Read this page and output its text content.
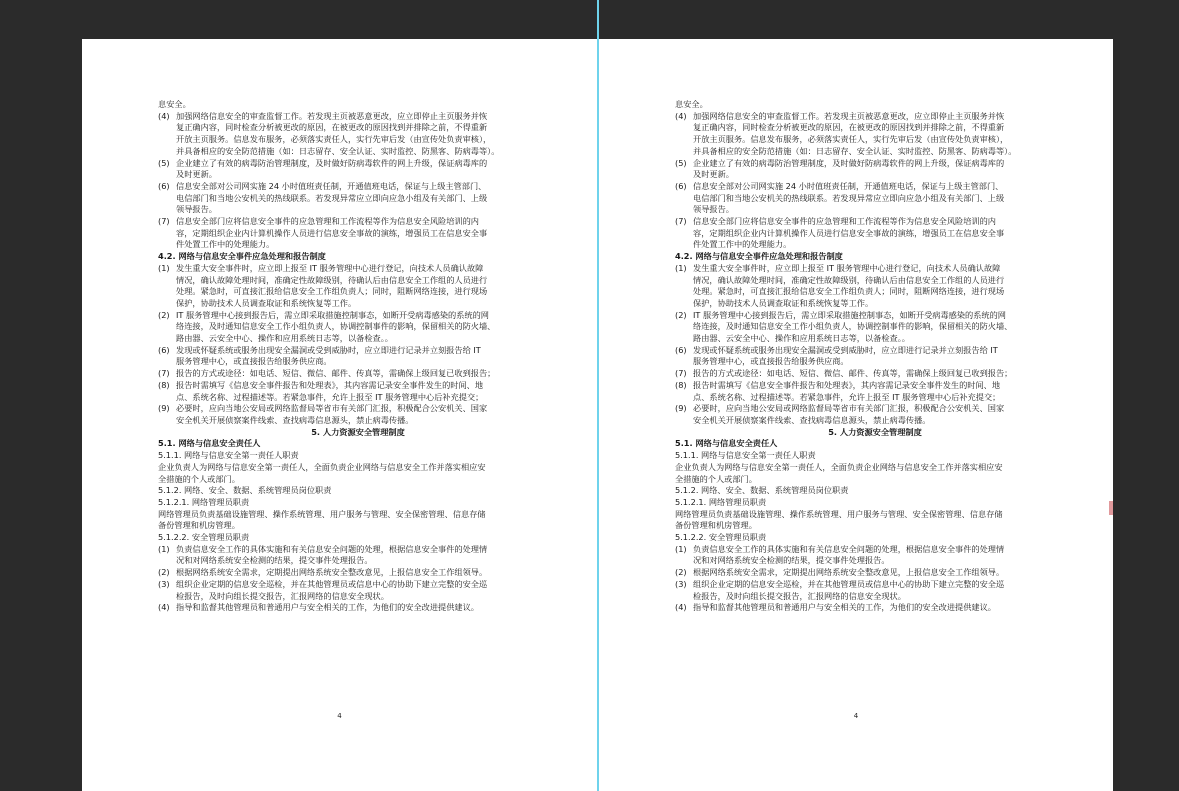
息安全。
(4) 加强网络信息安全的审查监督工作。若发现主页被恶意更改，应立即停止主页服务并恢
复正确内容，同时检查分析被更改的原因，在被更改的原因找到并排除之前，不得重新
开放主页服务。信息发布服务，必须落实责任人，实行先审后发（由宣传处负责审核），
并具备相应的安全防范措施（如：日志留存、安全认证、实时监控、防黑客、防病毒等）。
(5) 企业建立了有效的病毒防治管理制度，及时做好防病毒软件的网上升级，保证病毒库的
及时更新。
(6) 信息安全部对公司网实施 24 小时值班责任制，开通值班电话，保证与上级主管部门、
电信部门和当地公安机关的热线联系。若发现异常应立即向应急小组及有关部门、上级
领导报告。
(7) 信息安全部门应将信息安全事件的应急管理和工作流程等作为信息安全风险培训的内
容，定期组织企业内计算机操作人员进行信息安全事故的演练，增强员工在信息安全事
件处置工作中的处理能力。
4.2. 网络与信息安全事件应急处理和报告制度
(1) 发生重大安全事件时，应立即上报至 IT 服务管理中心进行登记，向技术人员确认故障
情况，确认故障处理时间，准确定性故障级别，待确认后由信息安全工作组的人员进行
处理。紧急时，可直接汇报给信息安全工作组负责人；同时，阻断网络连接，进行现场
保护，协助技术人员调查取证和系统恢复等工作。
(2) IT 服务管理中心接到报告后，需立即采取措施控制事态，如断开受病毒感染的系统的网
络连接，及时通知信息安全工作小组负责人，协调控制事件的影响，保留相关的防火墙、
路由器、云安全中心、操作和应用系统日志等，以备检查。。
(6) 发现或怀疑系统或服务出现安全漏洞或受到威胁时，应立即进行记录并立刻报告给 IT
服务管理中心，或直接报告给服务供应商。
(7) 报告的方式或途径：如电话、短信、微信、邮件、传真等，需确保上级回复已收到报告；
(8) 报告时需填写《信息安全事件报告和处理表》，其内容需记录安全事件发生的时间、地
点、系统名称、过程描述等。若紧急事件，允许上报至 IT 服务管理中心后补充提交；
(9) 必要时，应向当地公安局或网络监督局等省市有关部门汇报，积极配合公安机关、国家
安全机关开展侦察案件线索、查找病毒信息源头，禁止病毒传播。
5. 人力资源安全管理制度
5.1. 网络与信息安全责任人
5.1.1. 网络与信息安全第一责任人职责
企业负责人为网络与信息安全第一责任人，全面负责企业网络与信息安全工作并落实相应安
全措施的个人或部门。
5.1.2. 网络、安全、数据、系统管理员岗位职责
5.1.2.1. 网络管理员职责
网络管理员负责基础设施管理、操作系统管理、用户服务与管理、安全保密管理、信息存储
备份管理和机房管理。
5.1.2.2. 安全管理员职责
(1) 负责信息安全工作的具体实施和有关信息安全问题的处理，根据信息安全事件的处理情
况和对网络系统安全检测的结果，提交事件处理报告。
(2) 根据网络系统安全需求，定期提出网络系统安全整改意见，上报信息安全工作组领导。
(3) 组织企业定期的信息安全巡检，并在其他管理员或信息中心的协助下建立完整的安全巡
检报告，及时向组长提交报告，汇报网络的信息安全现状。
(4) 指导和监督其他管理员和普通用户与安全相关的工作，为他们的安全改进提供建议。
4
息安全。
(4) 加强网络信息安全的审查监督工作。若发现主页被恶意更改，应立即停止主页服务并恢
复正确内容，同时检查分析被更改的原因，在被更改的原因找到并排除之前，不得重新
开放主页服务。信息发布服务，必须落实责任人，实行先审后发（由宣传处负责审核），
并具备相应的安全防范措施（如：日志留存、安全认证、实时监控、防黑客、防病毒等）。
(5) 企业建立了有效的病毒防治管理制度，及时做好防病毒软件的网上升级，保证病毒库的
及时更新。
(6) 信息安全部对公司网实施 24 小时值班责任制，开通值班电话，保证与上级主管部门、
电信部门和当地公安机关的热线联系。若发现异常应立即向应急小组及有关部门、上级
领导报告。
(7) 信息安全部门应将信息安全事件的应急管理和工作流程等作为信息安全风险培训的内
容，定期组织企业内计算机操作人员进行信息安全事故的演练，增强员工在信息安全事
件处置工作中的处理能力。
4.2. 网络与信息安全事件应急处理和报告制度
(1) 发生重大安全事件时，应立即上报至 IT 服务管理中心进行登记，向技术人员确认故障
情况，确认故障处理时间，准确定性故障级别，待确认后由信息安全工作组的人员进行
处理。紧急时，可直接汇报给信息安全工作组负责人；同时，阻断网络连接，进行现场
保护，协助技术人员调查取证和系统恢复等工作。
(2) IT 服务管理中心接到报告后，需立即采取措施控制事态，如断开受病毒感染的系统的网
络连接，及时通知信息安全工作小组负责人，协调控制事件的影响，保留相关的防火墙、
路由器、云安全中心、操作和应用系统日志等，以备检查。。
(6) 发现或怀疑系统或服务出现安全漏洞或受到威胁时，应立即进行记录并立刻报告给 IT
服务管理中心，或直接报告给服务供应商。
(7) 报告的方式或途径：如电话、短信、微信、邮件、传真等，需确保上级回复已收到报告；
(8) 报告时需填写《信息安全事件报告和处理表》，其内容需记录安全事件发生的时间、地
点、系统名称、过程描述等。若紧急事件，允许上报至 IT 服务管理中心后补充提交；
(9) 必要时，应向当地公安局或网络监督局等省市有关部门汇报，积极配合公安机关、国家
安全机关开展侦察案件线索、查找病毒信息源头，禁止病毒传播。
5. 人力资源安全管理制度
5.1. 网络与信息安全责任人
5.1.1. 网络与信息安全第一责任人职责
企业负责人为网络与信息安全第一责任人，全面负责企业网络与信息安全工作并落实相应安
全措施的个人或部门。
5.1.2. 网络、安全、数据、系统管理员岗位职责
5.1.2.1. 网络管理员职责
网络管理员负责基础设施管理、操作系统管理、用户服务与管理、安全保密管理、信息存储
备份管理和机房管理。
5.1.2.2. 安全管理员职责
(1) 负责信息安全工作的具体实施和有关信息安全问题的处理，根据信息安全事件的处理情
况和对网络系统安全检测的结果，提交事件处理报告。
(2) 根据网络系统安全需求，定期提出网络系统安全整改意见，上报信息安全工作组领导。
(3) 组织企业定期的信息安全巡检，并在其他管理员或信息中心的协助下建立完整的安全巡
检报告，及时向组长提交报告，汇报网络的信息安全现状。
(4) 指导和监督其他管理员和普通用户与安全相关的工作，为他们的安全改进提供建议。
4
